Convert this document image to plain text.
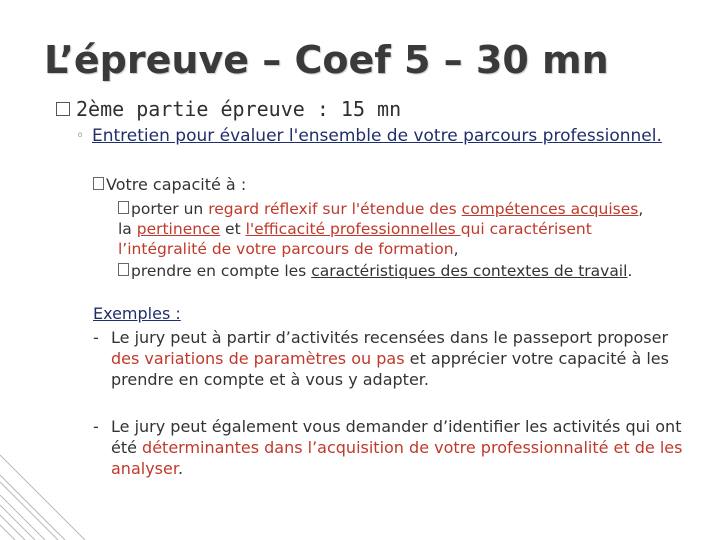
L’épreuve – Coef 5 – 30 mn
2ème partie épreuve : 15 mn
◦ Entretien pour évaluer l'ensemble de votre parcours professionnel.
Votre capacité à :
porter un regard réflexif sur l'étendue des compétences acquises, la pertinence et l'efficacité professionnelles qui caractérisent l’intégralité de votre parcours de formation,
prendre en compte les caractéristiques des contextes de travail.
Exemples :
- Le jury peut à partir d’activités recensées dans le passeport proposer des variations de paramètres ou pas et apprécier votre capacité à les prendre en compte et à vous y adapter.
- Le jury peut également vous demander d’identifier les activités qui ont été déterminantes dans l’acquisition de votre professionnalité et de les analyser.
